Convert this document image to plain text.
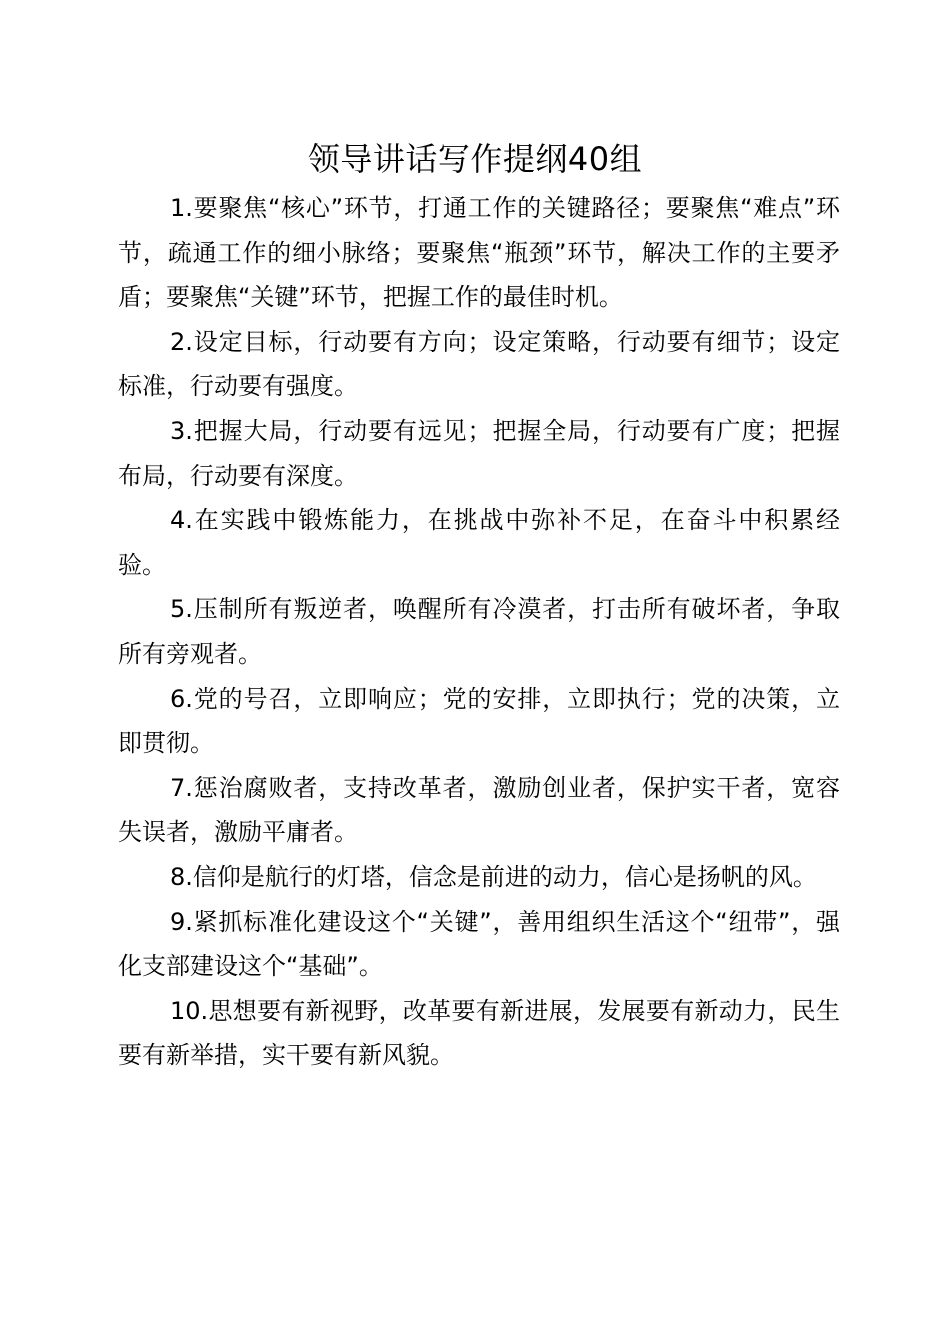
领导讲话写作提纲40组

1.要聚焦“核心”环节，打通工作的关键路径；要聚焦“难点”环节，疏通工作的细小脉络；要聚焦“瓶颈”环节，解决工作的主要矛盾；要聚焦“关键”环节，把握工作的最佳时机。

2.设定目标，行动要有方向；设定策略，行动要有细节；设定标准，行动要有强度。

3.把握大局，行动要有远见；把握全局，行动要有广度；把握布局，行动要有深度。

4.在实践中锻炼能力，在挑战中弥补不足，在奋斗中积累经验。

5.压制所有叛逆者，唤醒所有冷漠者，打击所有破坏者，争取所有旁观者。

6.党的号召，立即响应；党的安排，立即执行；党的决策，立即贯彻。

7.惩治腐败者，支持改革者，激励创业者，保护实干者，宽容失误者，激励平庸者。

8.信仰是航行的灯塔，信念是前进的动力，信心是扬帆的风。

9.紧抓标准化建设这个“关键”，善用组织生活这个“纽带”，强化支部建设这个“基础”。

10.思想要有新视野，改革要有新进展，发展要有新动力，民生要有新举措，实干要有新风貌。
